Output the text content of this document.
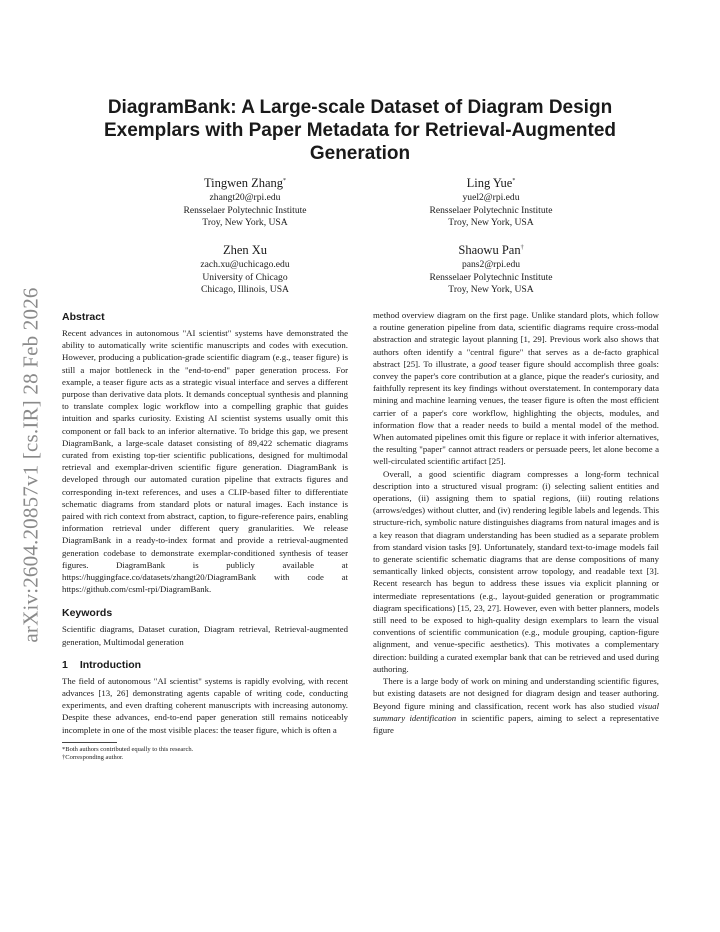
arXiv:2604.20857v1 [cs.IR] 28 Feb 2026
DiagramBank: A Large-scale Dataset of Diagram Design Exemplars with Paper Metadata for Retrieval-Augmented Generation
Tingwen Zhang*
zhangt20@rpi.edu
Rensselaer Polytechnic Institute
Troy, New York, USA
Ling Yue*
yuel2@rpi.edu
Rensselaer Polytechnic Institute
Troy, New York, USA
Zhen Xu
zach.xu@uchicago.edu
University of Chicago
Chicago, Illinois, USA
Shaowu Pan†
pans2@rpi.edu
Rensselaer Polytechnic Institute
Troy, New York, USA
Abstract

Recent advances in autonomous "AI scientist" systems have demonstrated the ability to automatically write scientific manuscripts and codes with execution. However, producing a publication-grade scientific diagram (e.g., teaser figure) is still a major bottleneck in the "end-to-end" paper generation process. For example, a teaser figure acts as a strategic visual interface and serves a different purpose than derivative data plots. It demands conceptual synthesis and planning to translate complex logic workflow into a compelling graphic that guides intuition and sparks curiosity. Existing AI scientist systems usually omit this component or fall back to an inferior alternative. To bridge this gap, we present DiagramBank, a large-scale dataset consisting of 89,422 schematic diagrams curated from existing top-tier scientific publications, designed for multimodal retrieval and exemplar-driven scientific figure generation. DiagramBank is developed through our automated curation pipeline that extracts figures and corresponding in-text references, and uses a CLIP-based filter to differentiate schematic diagrams from standard plots or natural images. Each instance is paired with rich context from abstract, caption, to figure-reference pairs, enabling information retrieval under different query granularities. We release DiagramBank in a ready-to-index format and provide a retrieval-augmented generation codebase to demonstrate exemplar-conditioned synthesis of teaser figures. DiagramBank is publicly available at https://huggingface.co/datasets/zhangt20/DiagramBank with code at https://github.com/csml-rpi/DiagramBank.

Keywords

Scientific diagrams, Dataset curation, Diagram retrieval, Retrieval-augmented generation, Multimodal generation

1 Introduction

The field of autonomous "AI scientist" systems is rapidly evolving, with recent advances [13, 26] demonstrating agents capable of writing code, conducting experiments, and even drafting coherent manuscripts with increasing autonomy. Despite these advances, end-to-end paper generation still remains noticeably incomplete in one of the most visible places: the teaser figure, which is often a

*Both authors contributed equally to this research.
†Corresponding author.

method overview diagram on the first page. Unlike standard plots, which follow a routine generation pipeline from data, scientific diagrams require cross-modal abstraction and strategic layout planning [1, 29]. Previous work also shows that authors often identify a "central figure" that serves as a de-facto graphical abstract [25]. To illustrate, a good teaser figure should accomplish three goals: convey the paper's core contribution at a glance, pique the reader's curiosity, and faithfully represent its key findings without overstatement. In contemporary data mining and machine learning venues, the teaser figure is often the most efficient carrier of a paper's core workflow, highlighting the objects, modules, and information flow that a reader needs to build a mental model of the method. When automated pipelines omit this figure or replace it with inferior alternatives, the resulting "paper" cannot attract readers or persuade peers, let alone become a well-circulated scientific artifact [25].

Overall, a good scientific diagram compresses a long-form technical description into a structured visual program: (i) selecting salient entities and operations, (ii) assigning them to spatial regions, (iii) routing relations (arrows/edges) without clutter, and (iv) rendering legible labels and legends. This structure-rich, symbolic nature distinguishes diagrams from natural images and is a key reason that diagram understanding has been studied as a separate problem from standard vision tasks [9]. Unfortunately, standard text-to-image models fail to generate scientific schematic diagrams that are dense compositions of many semantically linked objects, consistent arrow topology, and readable text [3]. Recent research has begun to address these issues via explicit planning or intermediate representations (e.g., layout-guided generation or programmatic diagram specifications) [15, 23, 27]. However, even with better planners, models still need to be exposed to high-quality design exemplars to learn the visual conventions of scientific communication (e.g., module grouping, caption-figure alignment, and venue-specific aesthetics). This motivates a complementary direction: building a curated exemplar bank that can be retrieved and used during authoring.

There is a large body of work on mining and understanding scientific figures, but existing datasets are not designed for diagram design and teaser authoring. Beyond figure mining and classification, recent work has also studied visual summary identification in scientific papers, aiming to select a representative figure
